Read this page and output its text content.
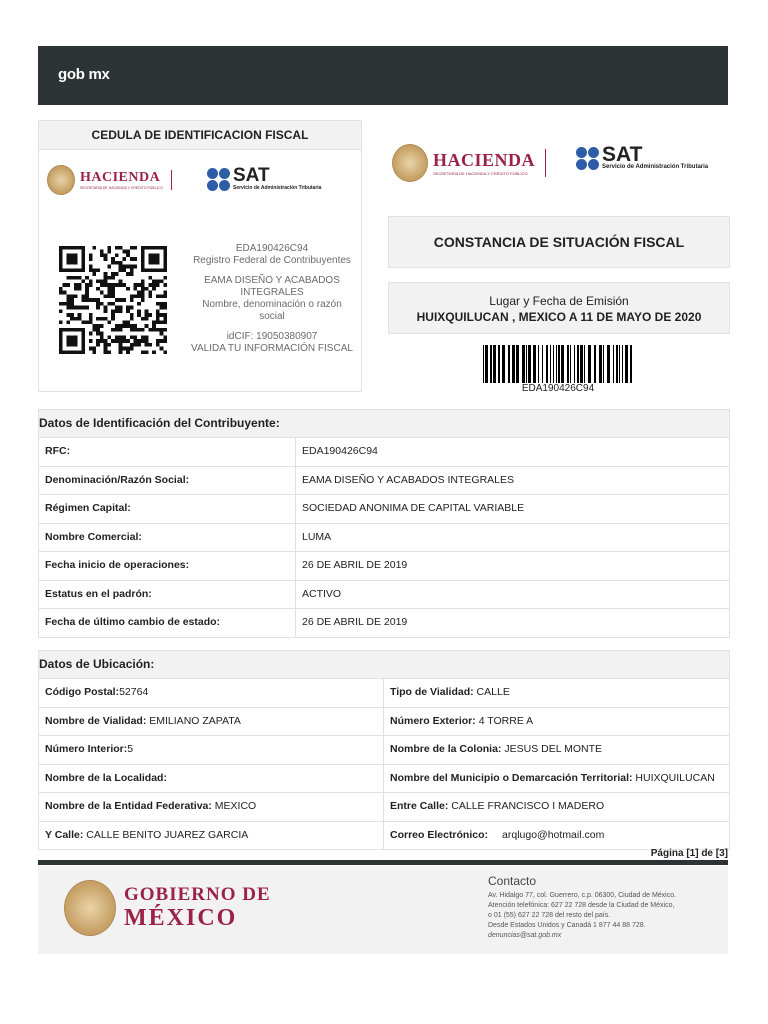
gob mx
CEDULA DE IDENTIFICACION FISCAL
HACIENDA
SECRETARÍA DE HACIENDA Y CRÉDITO PÚBLICO
SAT
Servicio de Administración Tributaria
EDA190426C94
Registro Federal de Contribuyentes
EAMA DISEÑO Y ACABADOS INTEGRALES
Nombre, denominación o razón social
idCIF: 19050380907
VALIDA TU INFORMACIÓN FISCAL
HACIENDA
SECRETARÍA DE HACIENDA Y CRÉDITO PÚBLICO
SAT
Servicio de Administración Tributaria
CONSTANCIA DE SITUACIÓN FISCAL
Lugar y Fecha de Emisión
HUIXQUILUCAN , MEXICO A 11 DE MAYO DE 2020
EDA190426C94
Datos de Identificación del Contribuyente:
RFC:	EDA190426C94
Denominación/Razón Social:	EAMA DISEÑO Y ACABADOS INTEGRALES
Régimen Capital:	SOCIEDAD ANONIMA DE CAPITAL VARIABLE
Nombre Comercial:	LUMA
Fecha inicio de operaciones:	26 DE ABRIL DE 2019
Estatus en el padrón:	ACTIVO
Fecha de último cambio de estado:	26 DE ABRIL DE 2019
Datos de Ubicación:
Código Postal:52764	Tipo de Vialidad: CALLE
Nombre de Vialidad: EMILIANO ZAPATA	Número Exterior: 4 TORRE A
Número Interior:5	Nombre de la Colonia: JESUS DEL MONTE
Nombre de la Localidad:	Nombre del Municipio o Demarcación Territorial: HUIXQUILUCAN
Nombre de la Entidad Federativa: MEXICO	Entre Calle: CALLE FRANCISCO I MADERO
Y Calle: CALLE BENITO JUAREZ GARCIA	Correo Electrónico: arqlugo@hotmail.com
Página [1] de [3]
GOBIERNO DE
MÉXICO
Contacto
Av. Hidalgo 77, col. Guerrero, c.p. 06300, Ciudad de México.
Atención telefónica: 627 22 728 desde la Ciudad de México,
o 01 (55) 627 22 728 del resto del país.
Desde Estados Unidos y Canadá 1 877 44 88 728.
denuncias@sat.gob.mx
